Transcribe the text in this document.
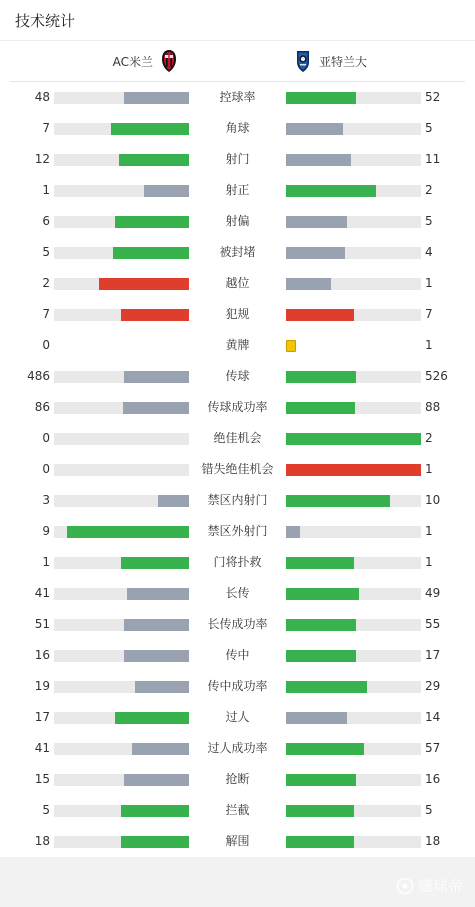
技术统计
AC米兰	亚特兰大
48	控球率	52
7	角球	5
12	射门	11
1	射正	2
6	射偏	5
5	被封堵	4
2	越位	1
7	犯规	7
0	黄牌	1
486	传球	526
86	传球成功率	88
0	绝佳机会	2
0	错失绝佳机会	1
3	禁区内射门	10
9	禁区外射门	1
1	门将扑救	1
41	长传	49
51	长传成功率	55
16	传中	17
19	传中成功率	29
17	过人	14
41	过人成功率	57
15	抢断	16
5	拦截	5
18	解围	18
懂球帝
